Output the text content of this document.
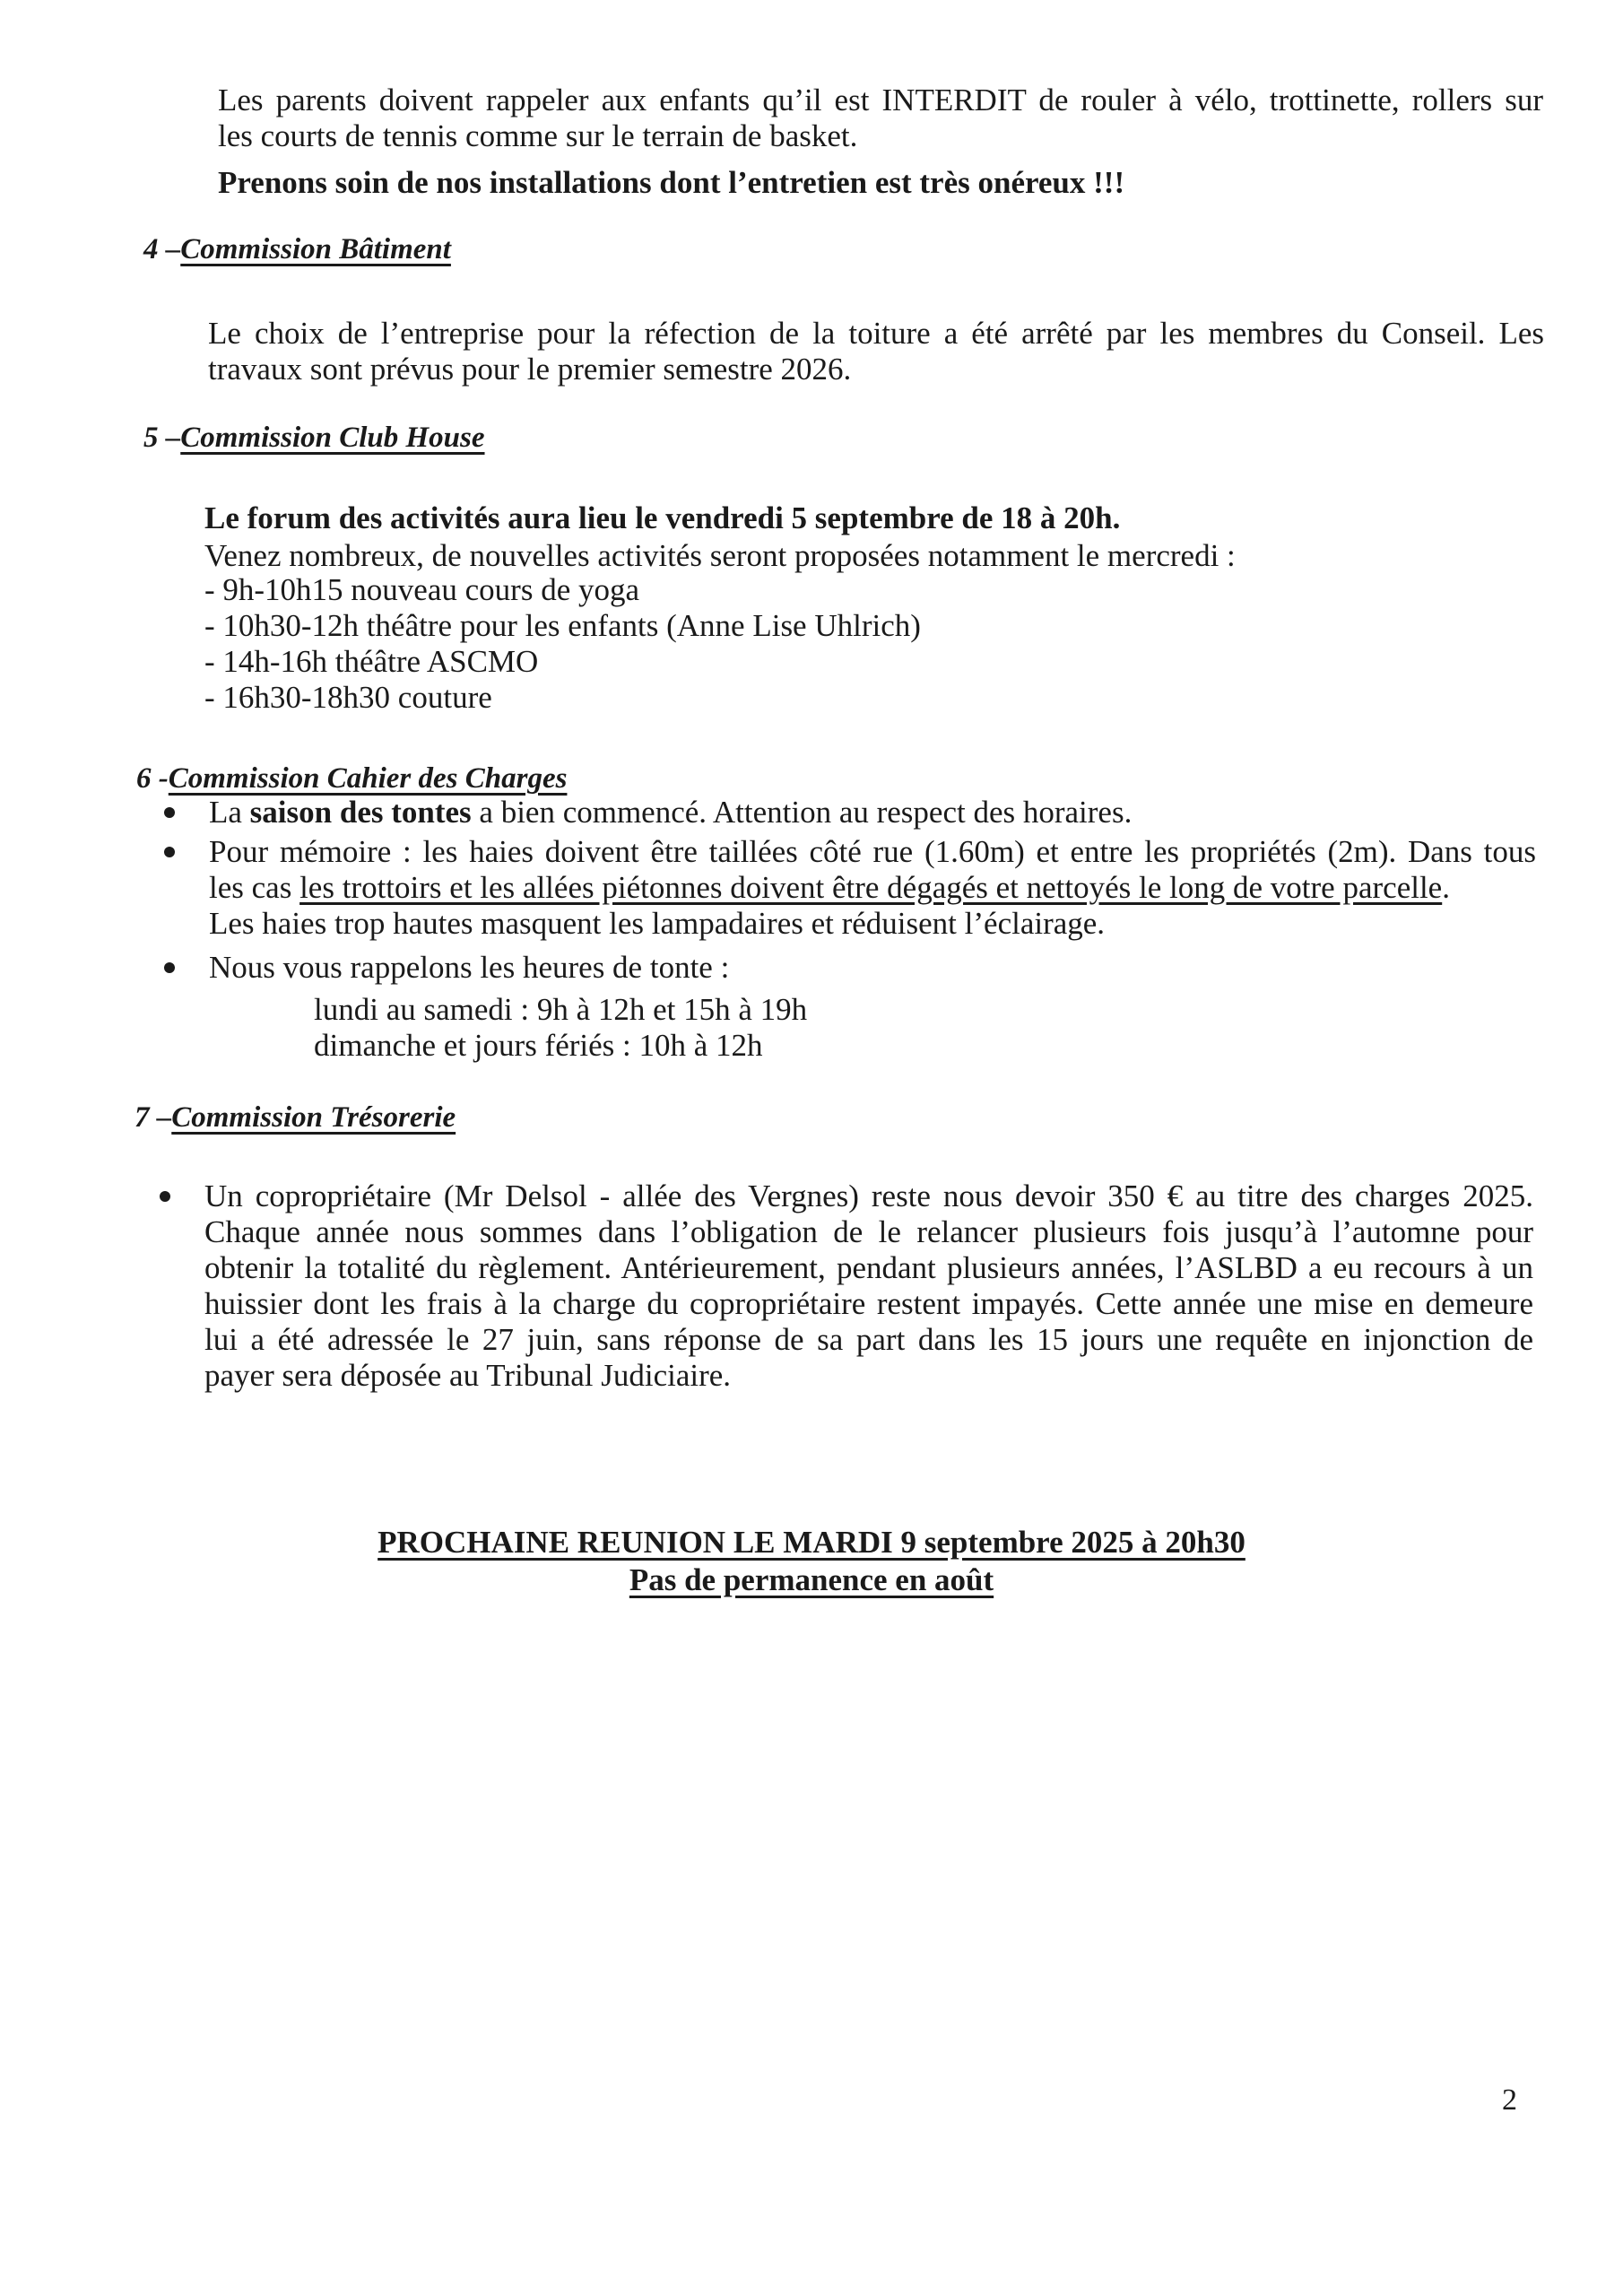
Les parents doivent rappeler aux enfants qu’il est INTERDIT de rouler à vélo, trottinette, rollers sur
les courts de tennis comme sur le terrain de basket.
Prenons soin de nos installations dont l’entretien est très onéreux !!!
4 –Commission Bâtiment
Le choix de l’entreprise pour la réfection de la toiture a été arrêté par les membres du Conseil. Les
travaux sont prévus pour le premier semestre 2026.
5 –Commission Club House
Le forum des activités aura lieu le vendredi 5 septembre de 18 à 20h.
Venez nombreux, de nouvelles activités seront proposées notamment le mercredi :
- 9h-10h15 nouveau cours de yoga
- 10h30-12h théâtre pour les enfants (Anne Lise Uhlrich)
- 14h-16h théâtre ASCMO
- 16h30-18h30 couture
6 -Commission Cahier des Charges
La saison des tontes a bien commencé. Attention au respect des horaires.
Pour mémoire : les haies doivent être taillées côté rue (1.60m) et entre les propriétés (2m). Dans tous
les cas les trottoirs et les allées piétonnes doivent être dégagés et nettoyés le long de votre parcelle.
Les haies trop hautes masquent les lampadaires et réduisent l’éclairage.
Nous vous rappelons les heures de tonte :
lundi au samedi : 9h à 12h et 15h à 19h
dimanche et jours fériés : 10h à 12h
7 –Commission Trésorerie
Un copropriétaire (Mr Delsol - allée des Vergnes) reste nous devoir 350 € au titre des charges 2025.
Chaque année nous sommes dans l’obligation de le relancer plusieurs fois jusqu’à l’automne pour
obtenir la totalité du règlement. Antérieurement, pendant plusieurs années, l’ASLBD a eu recours à un
huissier dont les frais à la charge du copropriétaire restent impayés. Cette année une mise en demeure
lui a été adressée le 27 juin, sans réponse de sa part dans les 15 jours une requête en injonction de
payer sera déposée au Tribunal Judiciaire.
PROCHAINE REUNION LE MARDI 9 septembre 2025 à 20h30
Pas de permanence en août
2
